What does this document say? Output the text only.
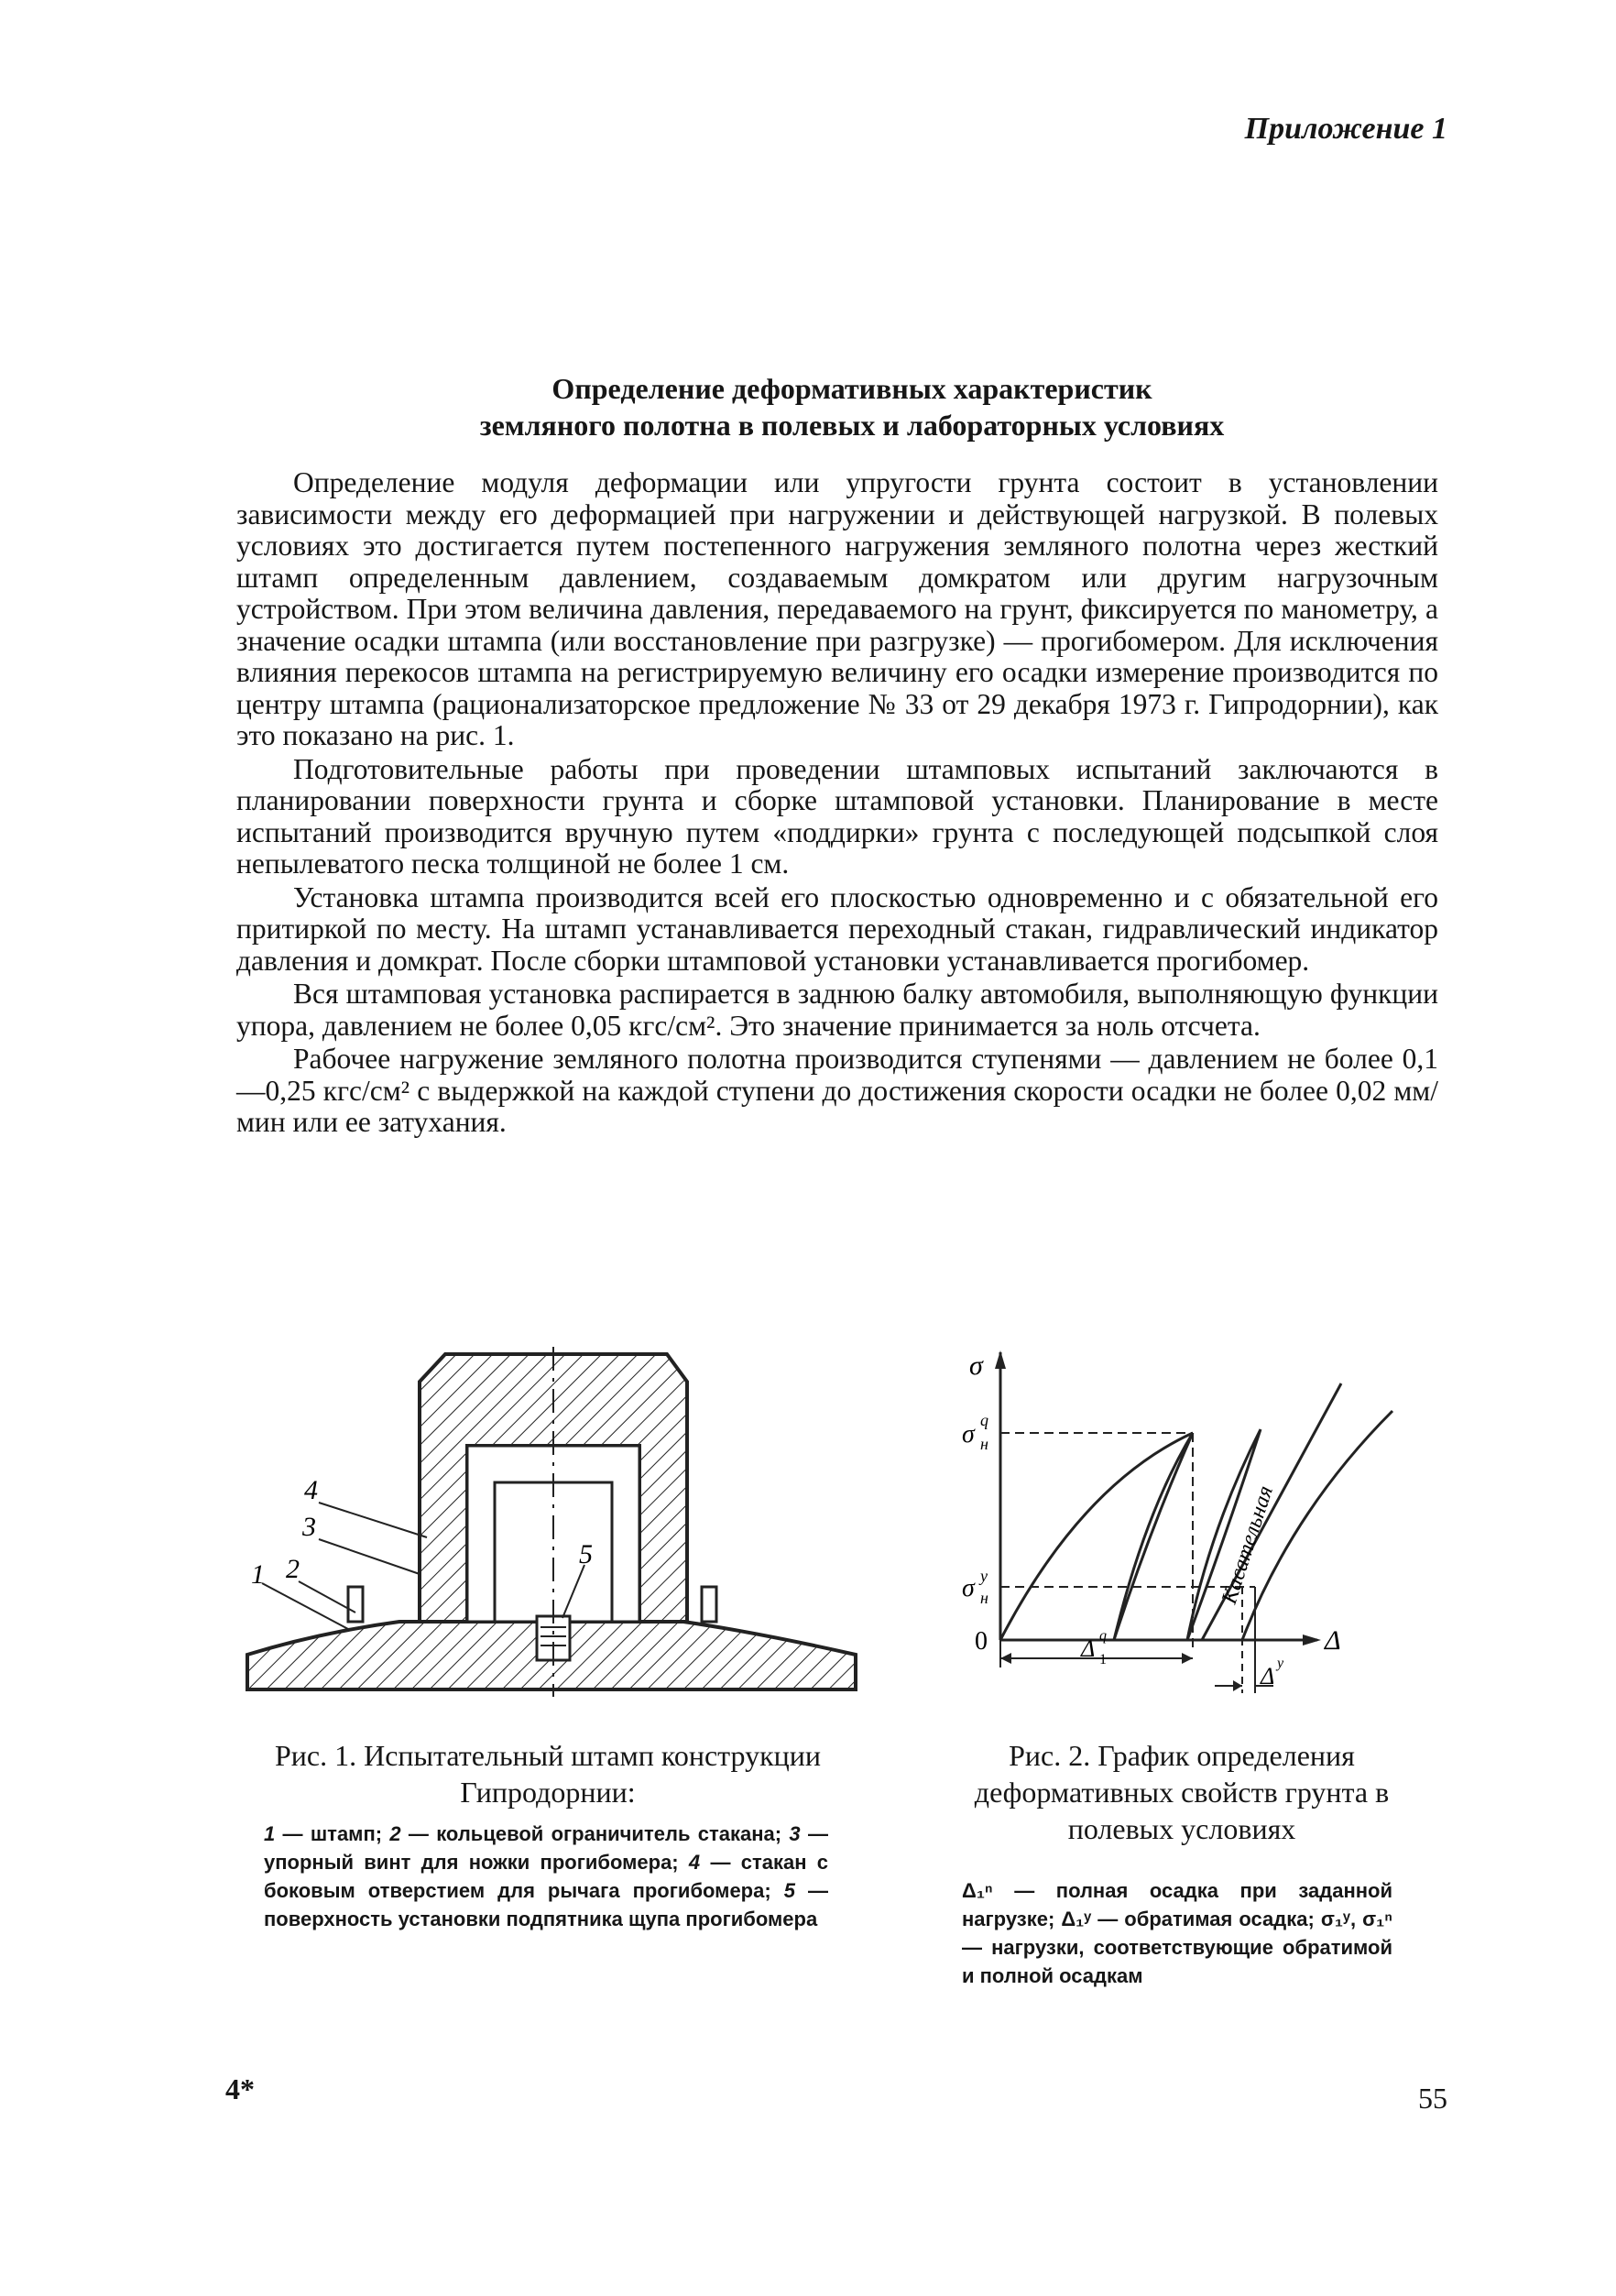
Приложение 1
Определение деформативных характеристик
земляного полотна в полевых и лабораторных условиях

Определение модуля деформации или упругости грунта состоит в установлении зависимости между его деформацией при нагружении и действующей нагрузкой. В полевых условиях это достигается путем постепенного нагружения земляного полотна через жесткий штамп определенным давлением, создаваемым домкратом или другим нагрузочным устройством. При этом величина давления, передаваемого на грунт, фиксируется по манометру, а значение осадки штампа (или восстановление при разгрузке) — прогибомером. Для исключения влияния перекосов штампа на регистрируемую величину его осадки измерение производится по центру штампа (рационализаторское предложение № 33 от 29 декабря 1973 г. Гипродорнии), как это показано на рис. 1.

Подготовительные работы при проведении штамповых испытаний заключаются в планировании поверхности грунта и сборке штамповой установки. Планирование в месте испытаний производится вручную путем «поддирки» грунта с последующей подсыпкой слоя непылеватого песка толщиной не более 1 см.

Установка штампа производится всей его плоскостью одновременно и с обязательной его притиркой по месту. На штамп устанавливается переходный стакан, гидравлический индикатор давления и домкрат. После сборки штамповой установки устанавливается прогибомер.

Вся штамповая установка распирается в заднюю балку автомобиля, выполняющую функции упора, давлением не более 0,05 кгс/см². Это значение принимается за ноль отсчета.

Рабочее нагружение земляного полотна производится ступенями — давлением не более 0,1—0,25 кгс/см² с выдержкой на каждой ступени до достижения скорости осадки не более 0,02 мм/мин или ее затухания.

1 2
3
4
5
σ
Δ
0
σ q
н
σ y
н
Δ 1
q
Δ y
Касательная
Рис. 1. Испытательный штамп конструкции Гипродорнии:
1 — штамп; 2 — кольцевой ограничитель стакана; 3 — упорный винт для ножки прогибомера; 4 — стакан с боковым отверстием для рычага прогибомера; 5 — поверхность установки подпятника щупа прогибомера
Рис. 2. График определения деформативных свойств грунта в полевых условиях
Δ₁ⁿ — полная осадка при заданной нагрузке; Δ₁ʸ — обратимая осадка; σ₁ʸ, σ₁ⁿ — нагрузки, соответствующие обратимой и полной осадкам
4*	55
